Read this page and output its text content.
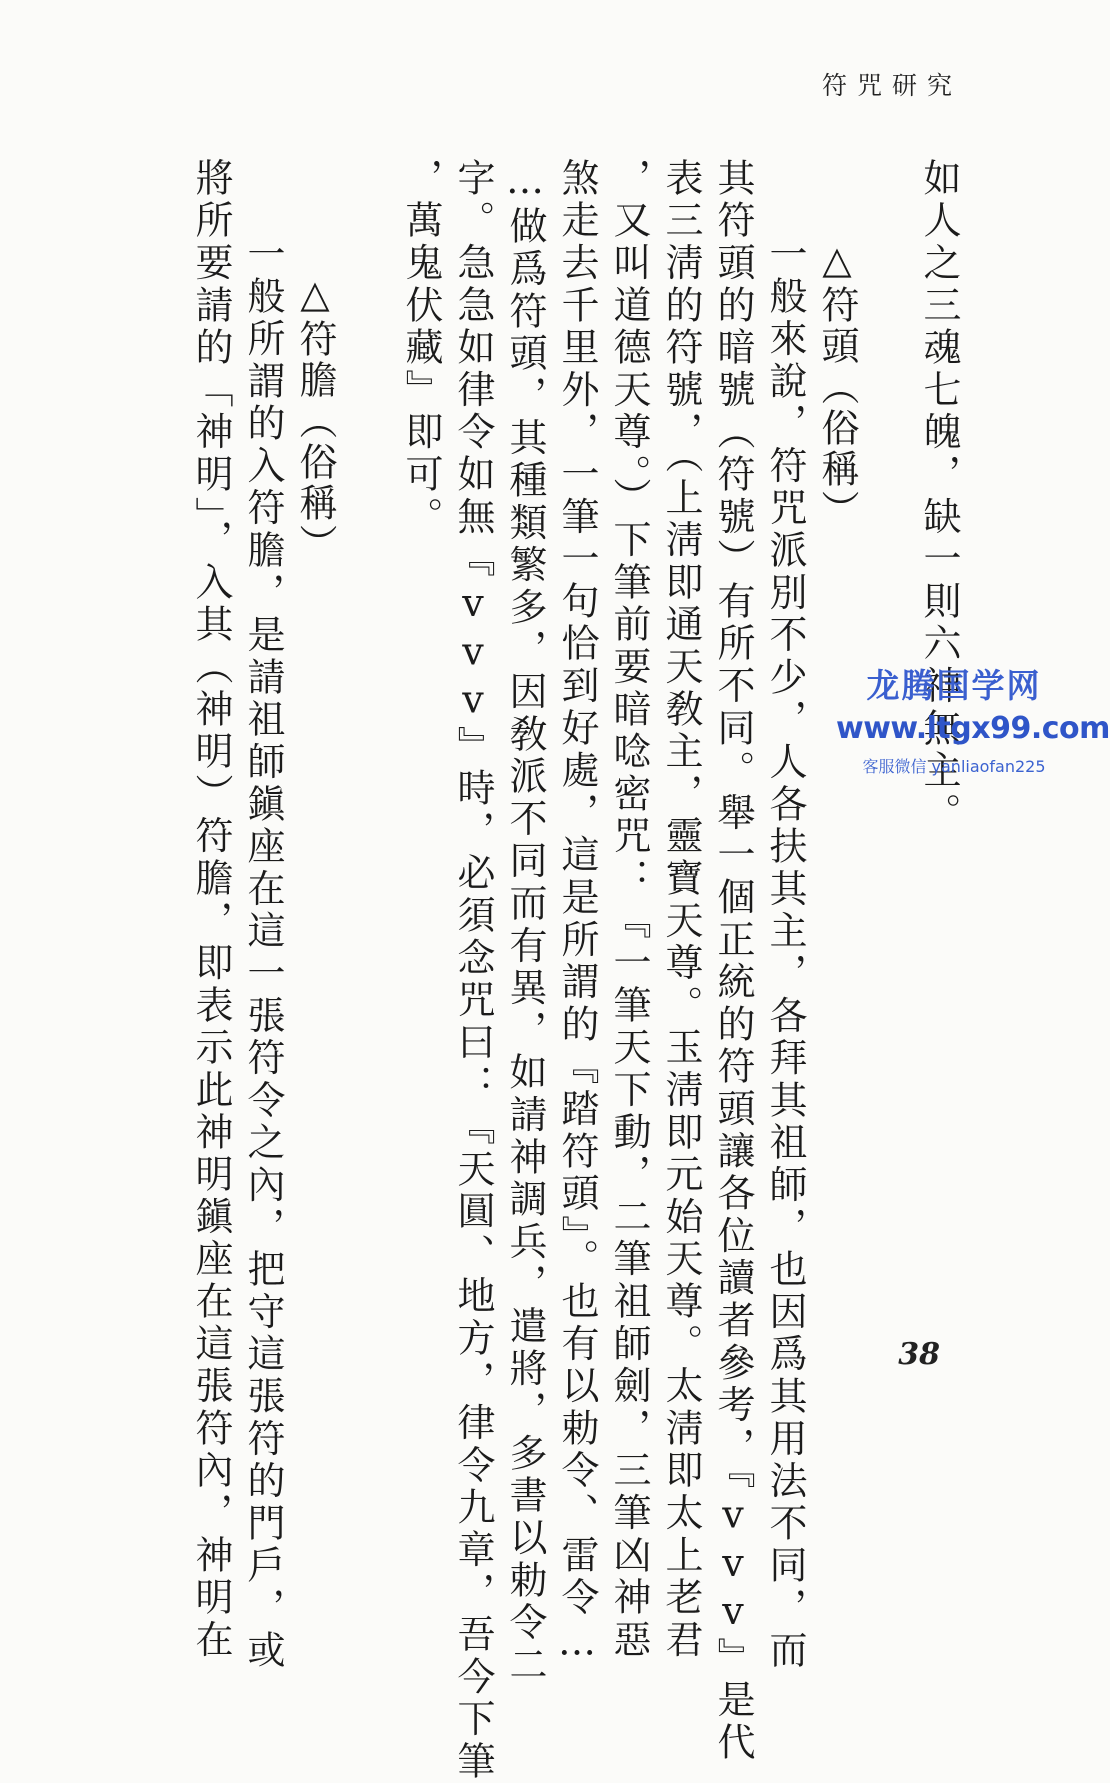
符咒研究
如人之三魂七魄，缺一則六神無主。
△符頭（俗稱）
一般來說，符咒派別不少，人各扶其主，各拜其祖師，也因爲其用法不同，而
其符頭的暗號（符號）有所不同。舉一個正統的符頭讓各位讀者參考，『ⅴⅴⅴ』是代
表三淸的符號，（上淸即通天敎主，靈寶天尊。玉淸即元始天尊。太淸即太上老君
，又叫道德天尊。）下筆前要暗唸密咒：『一筆天下動，二筆祖師劍，三筆凶神惡
煞走去千里外，一筆一句恰到好處，這是所謂的『踏符頭』。也有以勅令、雷令…
…做爲符頭，其種類繁多，因敎派不同而有異，如請神調兵，遣將，多書以勅令二
字。急急如律令如無『ⅴⅴⅴ』時，必須念咒曰：『天圓、地方，律令九章，吾今下筆
，萬鬼伏藏』即可。
△符膽（俗稱）
一般所謂的入符膽，是請祖師鎭座在這一張符令之內，把守這張符的門戶，或
將所要請的「神明」，入其（神明）符膽，即表示此神明鎭座在這張符內，神明在	龙腾国学网
www.ltgx99.com
客服微信 yanliaofan225
38
